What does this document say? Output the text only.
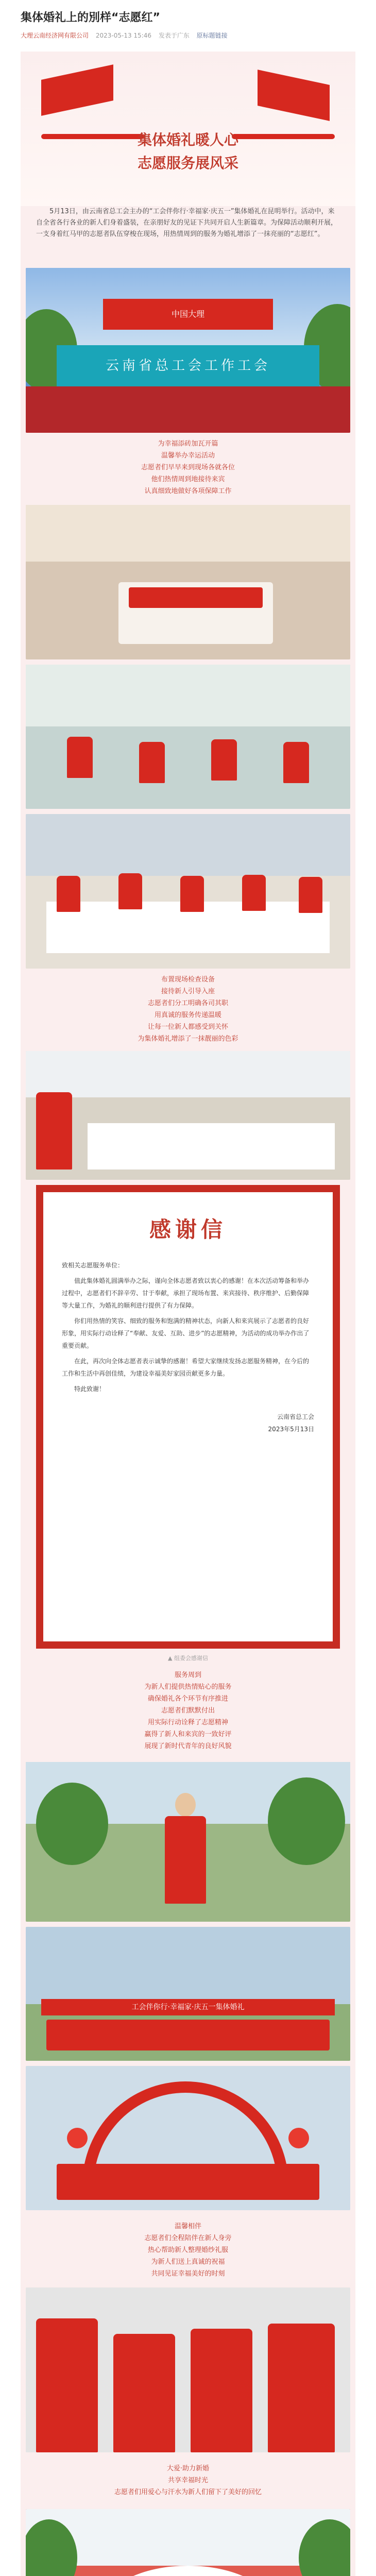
集体婚礼上的別样“志愿红”
大理云南经济网有限公司 2023-05-13 15:46 发表于广东 原标题链接
集体婚礼暖人心
志愿服务展风采
5月13日，由云南省总工会主办的“工会伴你行·幸福家·庆五一”集体婚礼在昆明举行。活动中，来自全省各行各业的新人们身着盛装，在亲朋好友的见证下共同开启人生新篇章。为保障活动顺利开展，一支身着红马甲的志愿者队伍穿梭在现场，用热情周到的服务为婚礼增添了一抹亮丽的“志愿红”。
中国大理
云南省总工会工作工会
为幸福添砖加瓦开篇
温馨举办幸运活动
志愿者们早早来到现场各就各位
他们热情周到地接待来宾
认真细致地做好各项保障工作
布置现场检查设备
接待新人引导入座
志愿者们分工明确各司其职
用真诚的服务传递温暖
让每一位新人都感受到关怀
为集体婚礼增添了一抹靓丽的色彩
感谢信

致相关志愿服务单位：

值此集体婚礼圆满举办之际，谨向全体志愿者致以衷心的感谢！在本次活动筹备和举办过程中，志愿者们不辞辛劳、甘于奉献，承担了现场布置、来宾接待、秩序维护、后勤保障等大量工作，为婚礼的顺利进行提供了有力保障。

你们用热情的笑容、细致的服务和饱满的精神状态，向新人和来宾展示了志愿者的良好形象，用实际行动诠释了“奉献、友爱、互助、进步”的志愿精神，为活动的成功举办作出了重要贡献。

在此，再次向全体志愿者表示诚挚的感谢！希望大家继续发扬志愿服务精神，在今后的工作和生活中再创佳绩，为建设幸福美好家园贡献更多力量。

特此致谢！

云南省总工会
2023年5月13日
▲ 组委会感谢信
服务周到
为新人们提供热情贴心的服务
确保婚礼各个环节有序推进
志愿者们默默付出
用实际行动诠释了志愿精神
赢得了新人和来宾的一致好评
展现了新时代青年的良好风貌
工会伴你行·幸福家·庆五一集体婚礼
温馨相伴
志愿者们全程陪伴在新人身旁
热心帮助新人整理婚纱礼服
为新人们送上真诚的祝福
共同见证幸福美好的时刻
大爱·助力新婚
共享幸福时光
志愿者们用爱心与汗水为新人们留下了美好的回忆
